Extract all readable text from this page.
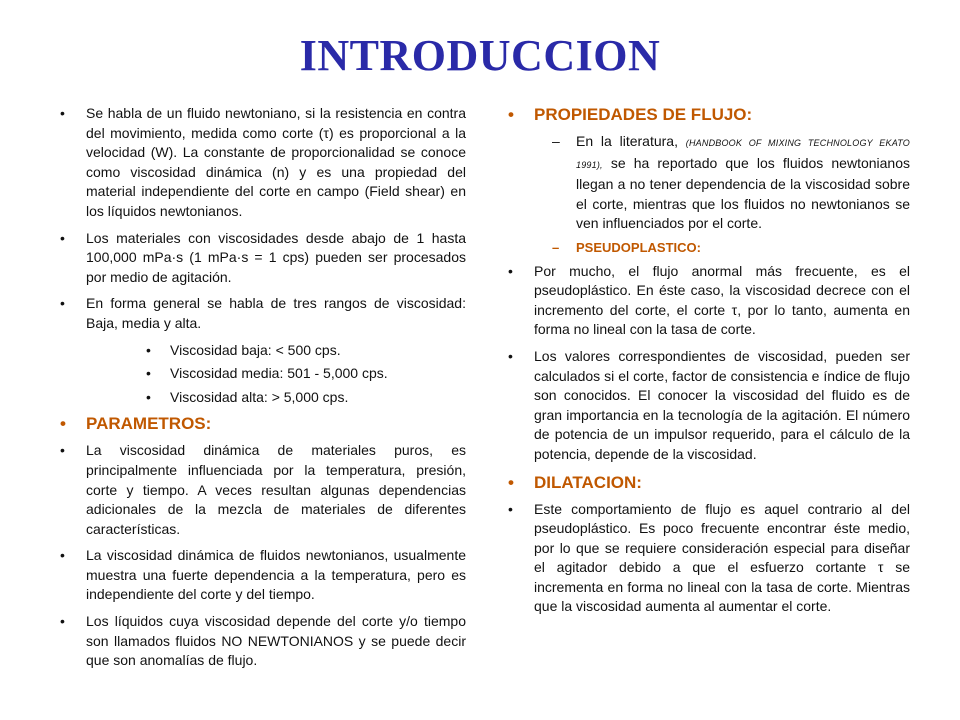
INTRODUCCION

• Se habla de un fluido newtoniano, si la resistencia en contra del movimiento, medida como corte (τ) es proporcional a la velocidad (W). La constante de proporcionalidad se conoce como viscosidad dinámica (n) y es una propiedad del material independiente del corte en campo (Field shear) en los líquidos newtonianos.

• Los materiales con viscosidades desde abajo de 1 hasta 100,000 mPa·s (1 mPa·s = 1 cps) pueden ser procesados por medio de agitación.

• En forma general se habla de tres rangos de viscosidad: Baja, media y alta.

• Viscosidad baja: < 500 cps.

• Viscosidad media: 501 - 5,000 cps.

• Viscosidad alta: > 5,000 cps.

• PARAMETROS:

• La viscosidad dinámica de materiales puros, es principalmente influenciada por la temperatura, presión, corte y tiempo. A veces resultan algunas dependencias adicionales de la mezcla de materiales de diferentes características.

• La viscosidad dinámica de fluidos newtonianos, usualmente muestra una fuerte dependencia a la temperatura, pero es independiente del corte y del tiempo.

• Los líquidos cuya viscosidad depende del corte y/o tiempo son llamados fluidos NO NEWTONIANOS y se puede decir que son anomalías de flujo.

• PROPIEDADES DE FLUJO:

– En la literatura, (HANDBOOK OF MIXING TECHNOLOGY EKATO 1991), se ha reportado que los fluidos newtonianos llegan a no tener dependencia de la viscosidad sobre el corte, mientras que los fluidos no newtonianos se ven influenciados por el corte.

– PSEUDOPLASTICO:

• Por mucho, el flujo anormal más frecuente, es el pseudoplástico. En éste caso, la viscosidad decrece con el incremento del corte, el corte τ, por lo tanto, aumenta en forma no lineal con la tasa de corte.

• Los valores correspondientes de viscosidad, pueden ser calculados si el corte, factor de consistencia e índice de flujo son conocidos. El conocer la viscosidad del fluido es de gran importancia en la tecnología de la agitación. El número de potencia de un impulsor requerido, para el cálculo de la potencia, depende de la viscosidad.

• DILATACION:

• Este comportamiento de flujo es aquel contrario al del pseudoplástico. Es poco frecuente encontrar éste medio, por lo que se requiere consideración especial para diseñar el agitador debido a que el esfuerzo cortante τ se incrementa en forma no lineal con la tasa de corte. Mientras que la viscosidad aumenta al aumentar el corte.
